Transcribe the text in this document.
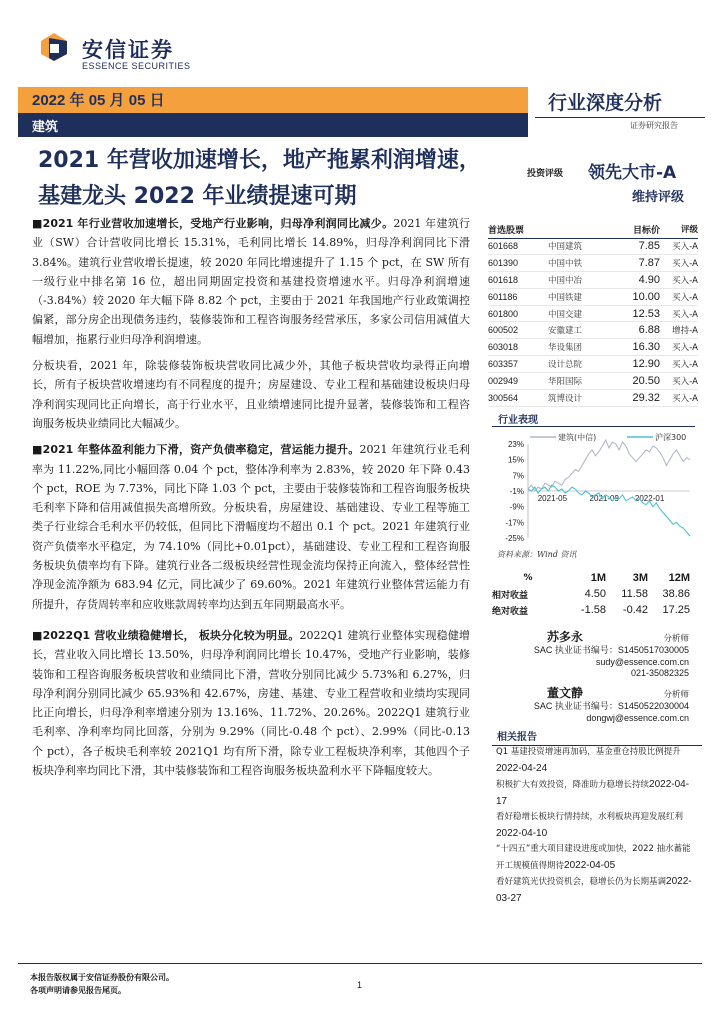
安信证券
ESSENCE SECURITIES
2022 年 05 月 05 日
建筑
行业深度分析
证券研究报告
2021 年营收加速增长，地产拖累利润增速，基建龙头 2022 年业绩提速可期
投资评级 领先大市-A
维持评级

■2021 年行业营收加速增长，受地产行业影响，归母净利润同比减少。2021 年建筑行业（SW）合计营收同比增长 15.31%，毛利同比增长 14.89%，归母净利润同比下滑 3.84%。建筑行业营收增长提速，较 2020 年同比增速提升了 1.15 个 pct，在 SW 所有一级行业中排名第 16 位，超出同期固定投资和基建投资增速水平。归母净利润增速（-3.84%）较 2020 年大幅下降 8.82 个 pct，主要由于 2021 年我国地产行业政策调控偏紧，部分房企出现债务违约，装修装饰和工程咨询服务经营承压，多家公司信用减值大幅增加，拖累行业归母净利润增速。

分板块看，2021 年，除装修装饰板块营收同比减少外，其他子板块营收均录得正向增长，所有子板块营收增速均有不同程度的提升；房屋建设、专业工程和基础建设板块归母净利润实现同比正向增长，高于行业水平，且业绩增速同比提升显著，装修装饰和工程咨询服务板块业绩同比大幅减少。

■2021 年整体盈利能力下滑，资产负债率稳定，营运能力提升。2021 年建筑行业毛利率为 11.22%,同比小幅回落 0.04 个 pct，整体净利率为 2.83%，较 2020 年下降 0.43 个 pct，ROE 为 7.73%，同比下降 1.03 个 pct，主要由于装修装饰和工程咨询服务板块毛利率下降和信用减值损失高增所致。分板块看，房屋建设、基础建设、专业工程等施工类子行业综合毛利水平仍较低，但同比下滑幅度均不超出 0.1 个 pct。2021 年建筑行业资产负债率水平稳定，为 74.10%（同比+0.01pct），基础建设、专业工程和工程咨询服务板块负债率均有下降。建筑行业各二级板块经营性现金流均保持正向流入，整体经营性净现金流净额为 683.94 亿元，同比减少了 69.60%。2021 年建筑行业整体营运能力有所提升，存货周转率和应收账款周转率均达到五年同期最高水平。

■2022Q1 营收业绩稳健增长， 板块分化较为明显。2022Q1 建筑行业整体实现稳健增长，营业收入同比增长 13.50%，归母净利润同比增长 10.47%，受地产行业影响，装修装饰和工程咨询服务板块营收和业绩同比下滑，营收分别同比减少 5.73%和 6.27%，归母净利润分别同比减少 65.93%和 42.67%，房建、基建、专业工程营收和业绩均实现同比正向增长，归母净利率增速分别为 13.16%、11.72%、20.26%。2022Q1 建筑行业毛利率、净利率均同比回落，分别为 9.29%（同比-0.48 个 pct）、2.99%（同比-0.13 个 pct），各子板块毛利率较 2021Q1 均有所下滑，除专业工程板块净利率，其他四个子板块净利率均同比下滑，其中装修装饰和工程咨询服务板块盈利水平下降幅度较大。

首选股票	目标价	评级
601668	中国建筑	7.85	买入-A
601390	中国中铁	7.87	买入-A
601618	中国中冶	4.90	买入-A
601186	中国铁建	10.00	买入-A
601800	中国交建	12.53	买入-A
600502	安徽建工	6.88	增持-A
603018	华设集团	16.30	买入-A
603357	设计总院	12.90	买入-A
002949	华阳国际	20.50	买入-A
300564	筑博设计	29.32	买入-A
行业表现
建筑(中信)	沪深300
23%
15%
7%
-1%
-9%
-17%
-25%
2021-05	2021-09 2022-01
资料来源：Wind 资讯
%	1M	3M	12M
相对收益	4.50	11.58	38.86
绝对收益	-1.58	-0.42	17.25
苏多永	分析师
SAC 执业证书编号：S1450517030005
sudy@essence.com.cn
021-35082325
董文静	分析师
SAC 执业证书编号：S1450522030004
dongwj@essence.com.cn
相关报告
Q1 基建投资增速再加码，基金重仓持股比例提升2022-04-24
积极扩大有效投资，降准助力稳增长持续2022-04-17
看好稳增长板块行情持续，水利板块再迎发展红利2022-04-10
“十四五”重大项目建设进度或加快，2022 抽水蓄能开工规模值得期待2022-04-05
看好建筑光伏投资机会，稳增长仍为长期基调2022-03-27
本报告版权属于安信证券股份有限公司。
各项声明请参见报告尾页。
1
